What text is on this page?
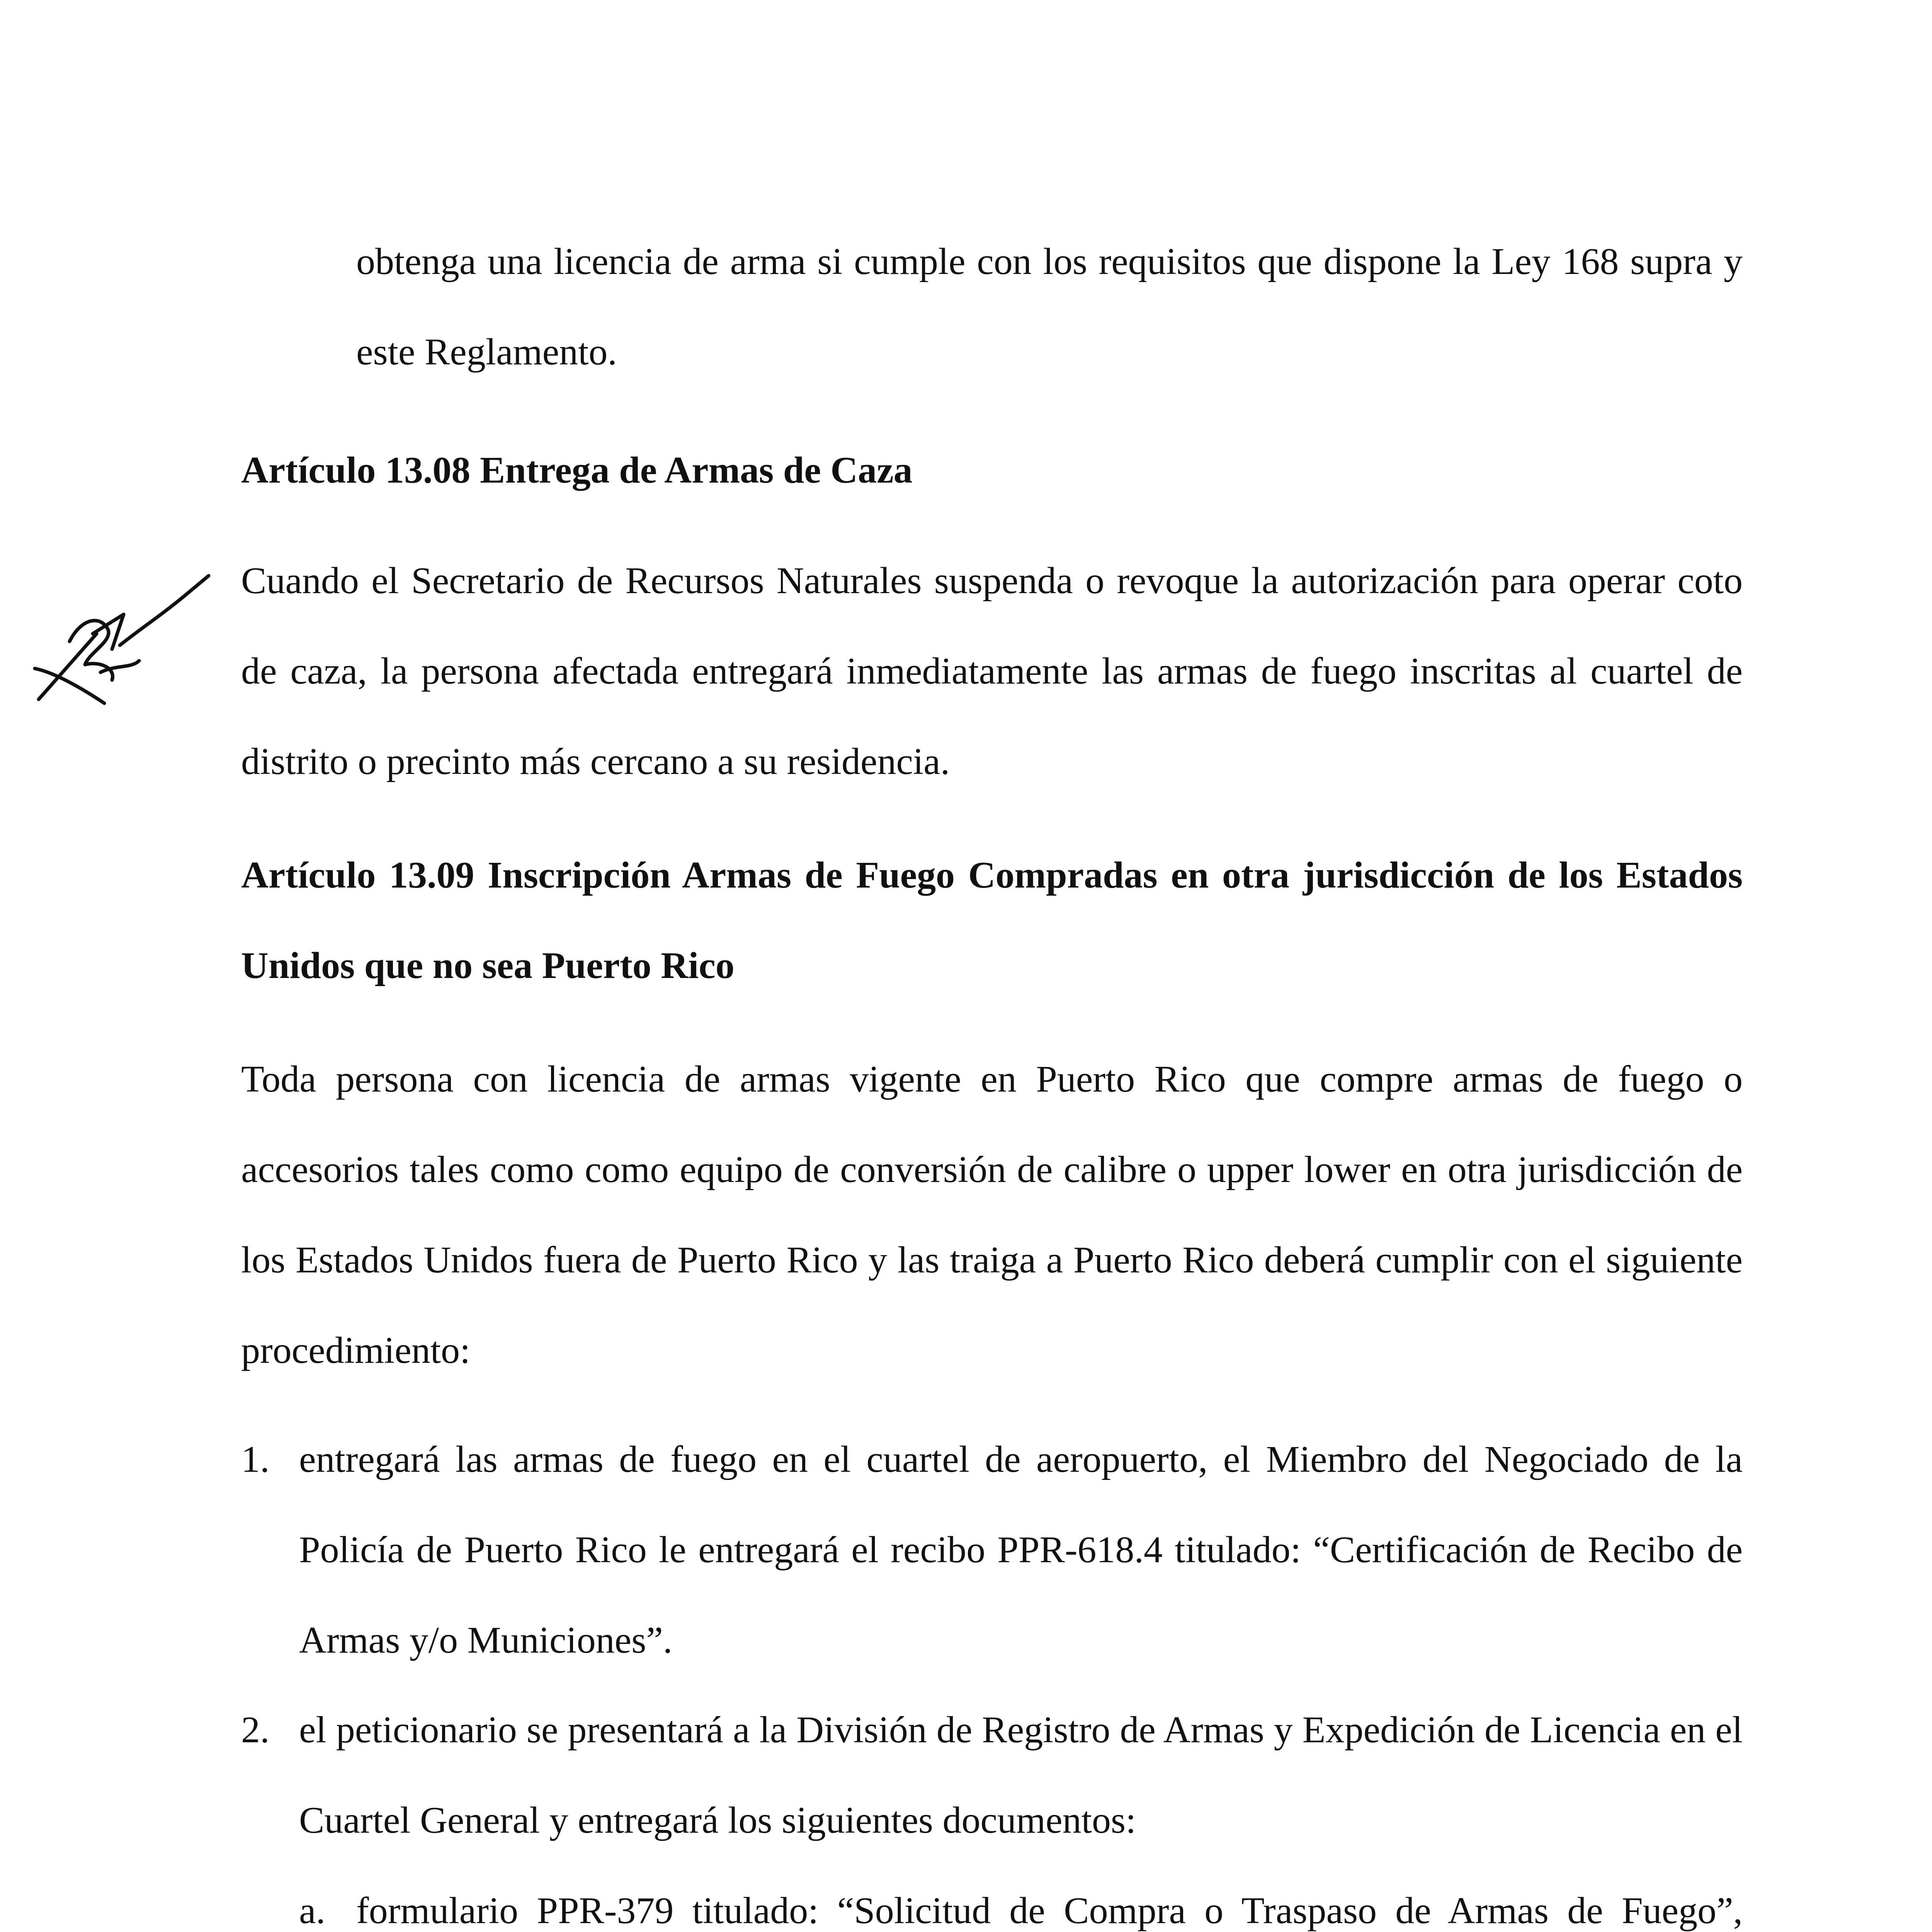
obtenga una licencia de arma si cumple con los requisitos que dispone la Ley 168 supra y este Reglamento.

Artículo 13.08 Entrega de Armas de Caza

Cuando el Secretario de Recursos Naturales suspenda o revoque la autorización para operar coto de caza, la persona afectada entregará inmediatamente las armas de fuego inscritas al cuartel de distrito o precinto más cercano a su residencia.

Artículo 13.09 Inscripción Armas de Fuego Compradas en otra jurisdicción de los Estados Unidos que no sea Puerto Rico

Toda persona con licencia de armas vigente en Puerto Rico que compre armas de fuego o accesorios tales como como equipo de conversión de calibre o upper lower en otra jurisdicción de los Estados Unidos fuera de Puerto Rico y las traiga a Puerto Rico deberá cumplir con el siguiente procedimiento:

1. entregará las armas de fuego en el cuartel de aeropuerto, el Miembro del Negociado de la Policía de Puerto Rico le entregará el recibo PPR-618.4 titulado: “Certificación de Recibo de Armas y/o Municiones”.
2. el peticionario se presentará a la División de Registro de Armas y Expedición de Licencia en el Cuartel General y entregará los siguientes documentos:
a. formulario PPR-379 titulado: “Solicitud de Compra o Traspaso de Armas de Fuego”,
